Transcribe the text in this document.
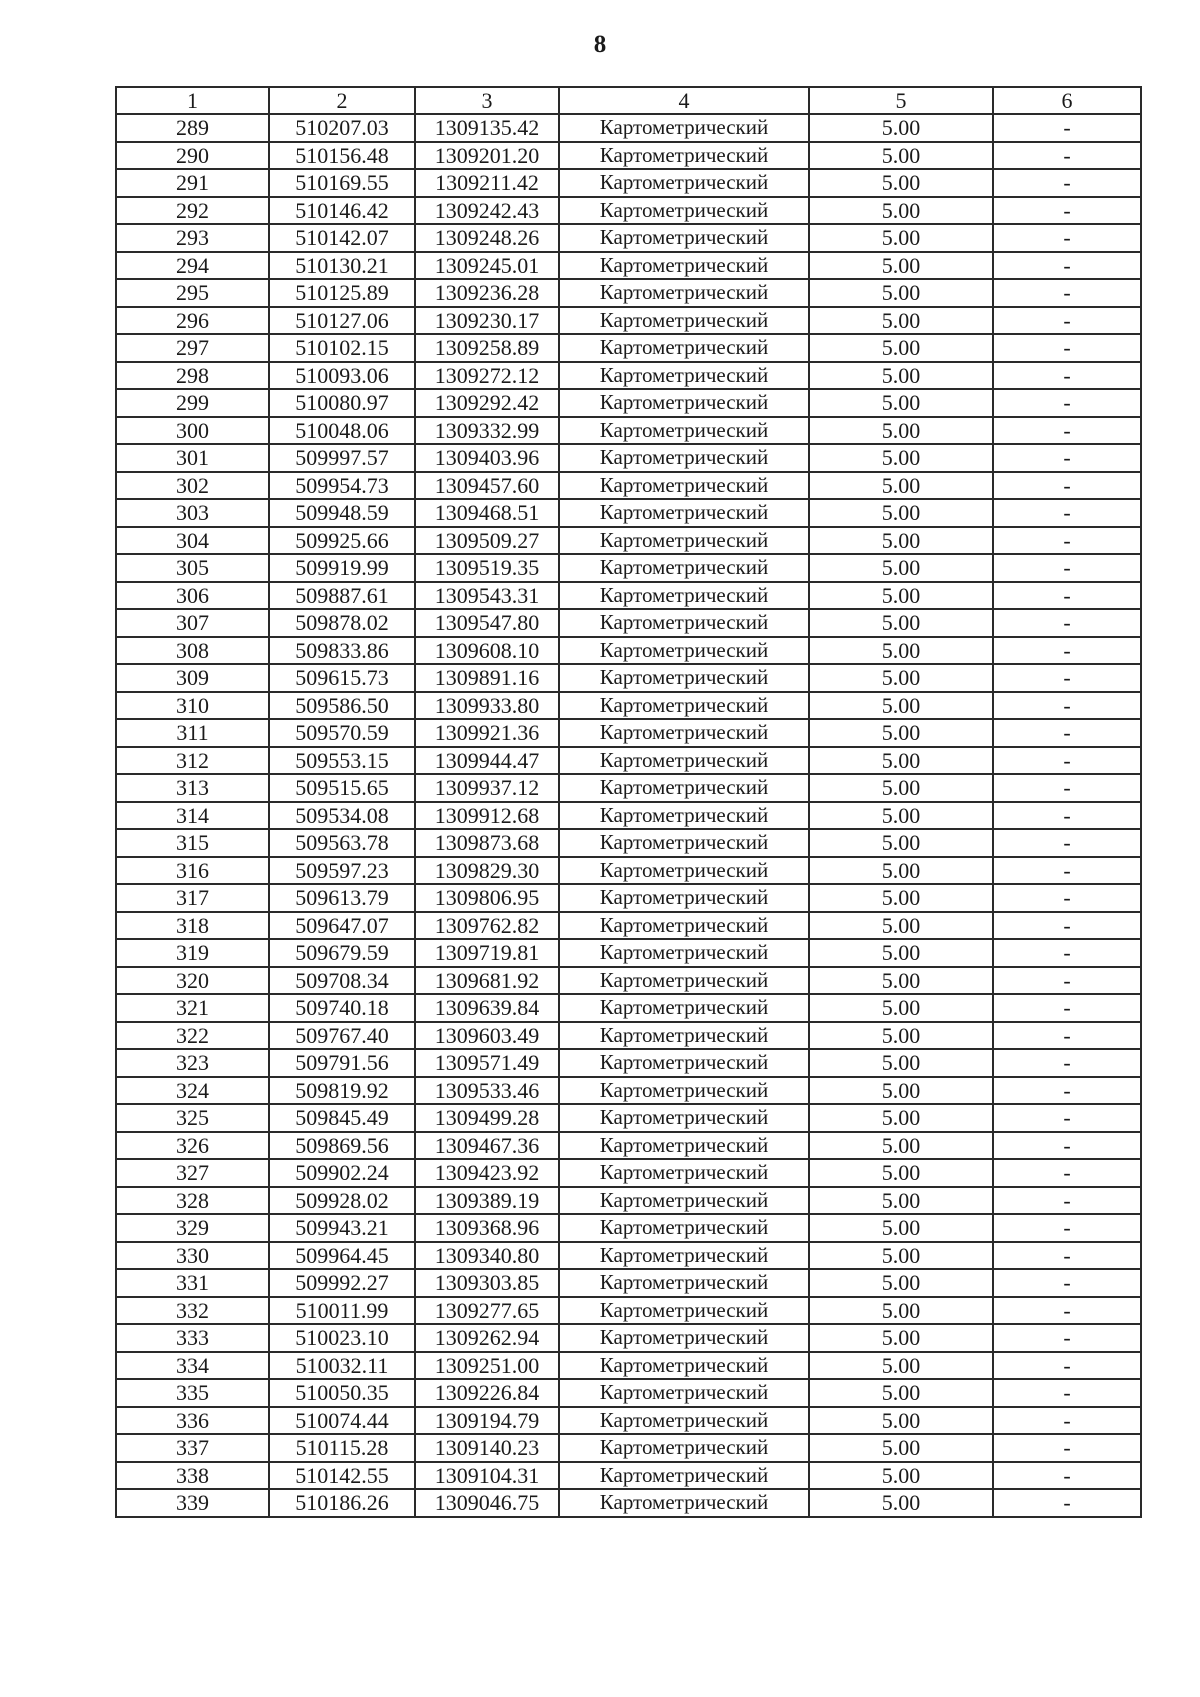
8
1	2	3	4	5	6
289	510207.03	1309135.42	Картометрический	5.00	-
290	510156.48	1309201.20	Картометрический	5.00	-
291	510169.55	1309211.42	Картометрический	5.00	-
292	510146.42	1309242.43	Картометрический	5.00	-
293	510142.07	1309248.26	Картометрический	5.00	-
294	510130.21	1309245.01	Картометрический	5.00	-
295	510125.89	1309236.28	Картометрический	5.00	-
296	510127.06	1309230.17	Картометрический	5.00	-
297	510102.15	1309258.89	Картометрический	5.00	-
298	510093.06	1309272.12	Картометрический	5.00	-
299	510080.97	1309292.42	Картометрический	5.00	-
300	510048.06	1309332.99	Картометрический	5.00	-
301	509997.57	1309403.96	Картометрический	5.00	-
302	509954.73	1309457.60	Картометрический	5.00	-
303	509948.59	1309468.51	Картометрический	5.00	-
304	509925.66	1309509.27	Картометрический	5.00	-
305	509919.99	1309519.35	Картометрический	5.00	-
306	509887.61	1309543.31	Картометрический	5.00	-
307	509878.02	1309547.80	Картометрический	5.00	-
308	509833.86	1309608.10	Картометрический	5.00	-
309	509615.73	1309891.16	Картометрический	5.00	-
310	509586.50	1309933.80	Картометрический	5.00	-
311	509570.59	1309921.36	Картометрический	5.00	-
312	509553.15	1309944.47	Картометрический	5.00	-
313	509515.65	1309937.12	Картометрический	5.00	-
314	509534.08	1309912.68	Картометрический	5.00	-
315	509563.78	1309873.68	Картометрический	5.00	-
316	509597.23	1309829.30	Картометрический	5.00	-
317	509613.79	1309806.95	Картометрический	5.00	-
318	509647.07	1309762.82	Картометрический	5.00	-
319	509679.59	1309719.81	Картометрический	5.00	-
320	509708.34	1309681.92	Картометрический	5.00	-
321	509740.18	1309639.84	Картометрический	5.00	-
322	509767.40	1309603.49	Картометрический	5.00	-
323	509791.56	1309571.49	Картометрический	5.00	-
324	509819.92	1309533.46	Картометрический	5.00	-
325	509845.49	1309499.28	Картометрический	5.00	-
326	509869.56	1309467.36	Картометрический	5.00	-
327	509902.24	1309423.92	Картометрический	5.00	-
328	509928.02	1309389.19	Картометрический	5.00	-
329	509943.21	1309368.96	Картометрический	5.00	-
330	509964.45	1309340.80	Картометрический	5.00	-
331	509992.27	1309303.85	Картометрический	5.00	-
332	510011.99	1309277.65	Картометрический	5.00	-
333	510023.10	1309262.94	Картометрический	5.00	-
334	510032.11	1309251.00	Картометрический	5.00	-
335	510050.35	1309226.84	Картометрический	5.00	-
336	510074.44	1309194.79	Картометрический	5.00	-
337	510115.28	1309140.23	Картометрический	5.00	-
338	510142.55	1309104.31	Картометрический	5.00	-
339	510186.26	1309046.75	Картометрический	5.00	-
